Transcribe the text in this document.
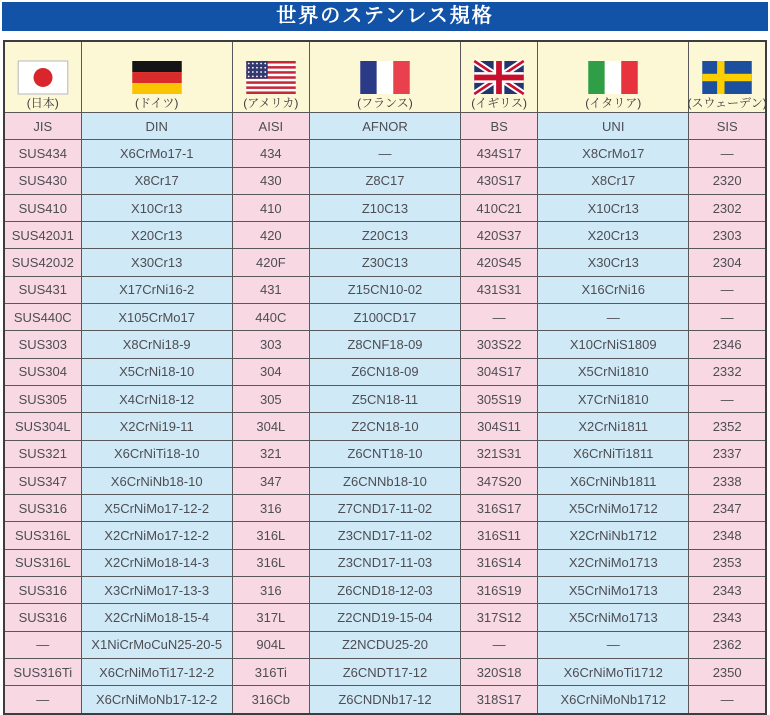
世界のステンレス規格
(日本)	(ドイツ)	(アメリカ)	(フランス)	(イギリス)	(イタリア)	(スウェーデン)

JIS	DIN	AISI	AFNOR	BS	UNI	SIS
SUS434	X6CrMo17-1	434	—	434S17	X8CrMo17	—
SUS430	X8Cr17	430	Z8C17	430S17	X8Cr17	2320
SUS410	X10Cr13	410	Z10C13	410C21	X10Cr13	2302
SUS420J1	X20Cr13	420	Z20C13	420S37	X20Cr13	2303
SUS420J2	X30Cr13	420F	Z30C13	420S45	X30Cr13	2304
SUS431	X17CrNi16-2	431	Z15CN10-02	431S31	X16CrNi16	—
SUS440C	X105CrMo17	440C	Z100CD17	—	—	—
SUS303	X8CrNi18-9	303	Z8CNF18-09	303S22	X10CrNiS1809	2346
SUS304	X5CrNi18-10	304	Z6CN18-09	304S17	X5CrNi1810	2332
SUS305	X4CrNi18-12	305	Z5CN18-11	305S19	X7CrNi1810	—
SUS304L	X2CrNi19-11	304L	Z2CN18-10	304S11	X2CrNi1811	2352
SUS321	X6CrNiTi18-10	321	Z6CNT18-10	321S31	X6CrNiTi1811	2337
SUS347	X6CrNiNb18-10	347	Z6CNNb18-10	347S20	X6CrNiNb1811	2338
SUS316	X5CrNiMo17-12-2	316	Z7CND17-11-02	316S17	X5CrNiMo1712	2347
SUS316L	X2CrNiMo17-12-2	316L	Z3CND17-11-02	316S11	X2CrNiNb1712	2348
SUS316L	X2CrNiMo18-14-3	316L	Z3CND17-11-03	316S14	X2CrNiMo1713	2353
SUS316	X3CrNiMo17-13-3	316	Z6CND18-12-03	316S19	X5CrNiMo1713	2343
SUS316	X2CrNiMo18-15-4	317L	Z2CND19-15-04	317S12	X5CrNiMo1713	2343
—	X1NiCrMoCuN25-20-5	904L	Z2NCDU25-20	—	—	2362
SUS316Ti	X6CrNiMoTi17-12-2	316Ti	Z6CNDT17-12	320S18	X6CrNiMoTi1712	2350
—	X6CrNiMoNb17-12-2	316Cb	Z6CNDNb17-12	318S17	X6CrNiMoNb1712	—
